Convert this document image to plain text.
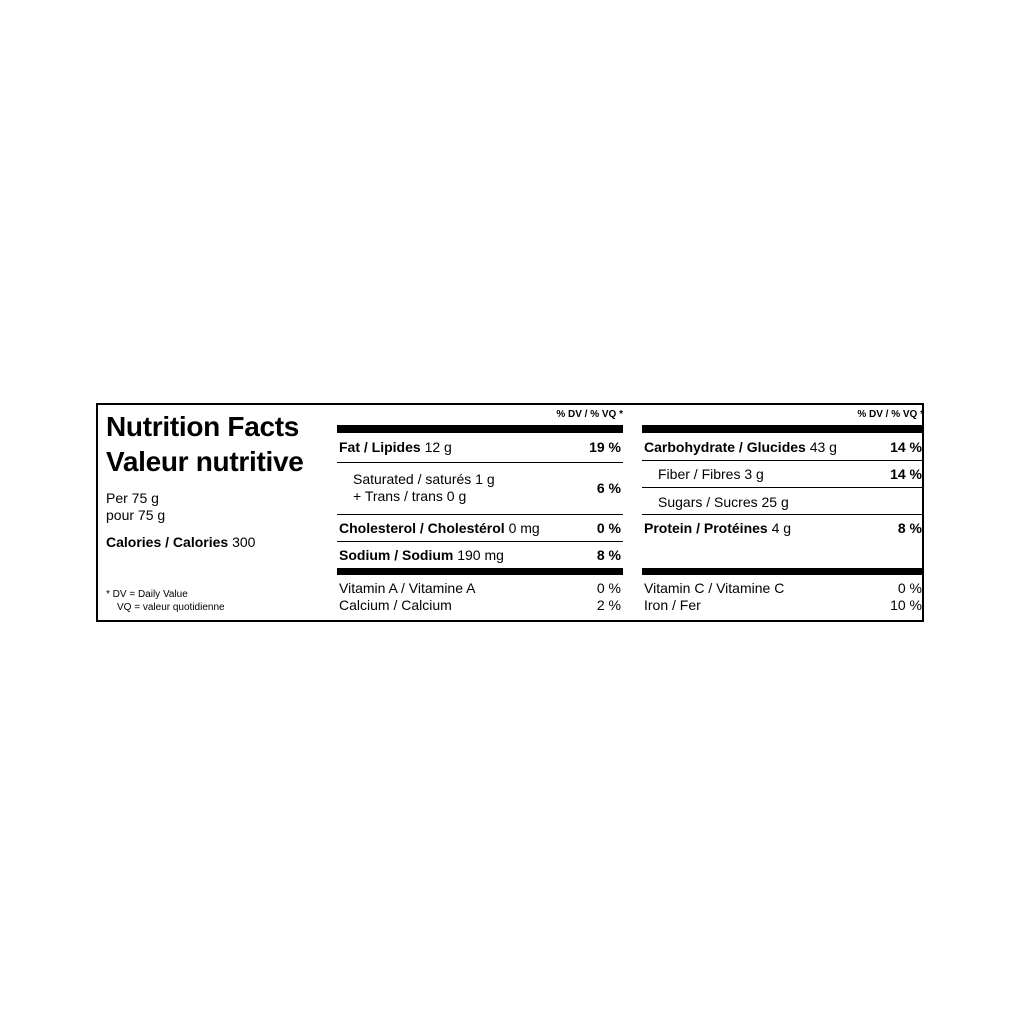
Nutrition Facts
Valeur nutritive
Per 75 g
pour 75 g
Calories / Calories 300
* DV = Daily Value
VQ = valeur quotidienne
% DV / % VQ *
Fat / Lipides 12 g	19 %
Saturated / saturés 1 g
+ Trans / trans 0 g	6 %
Cholesterol / Cholestérol 0 mg	0 %
Sodium / Sodium 190 mg	8 %
Vitamin A / Vitamine A	0 %
Calcium / Calcium	2 %
% DV / % VQ *
Carbohydrate / Glucides 43 g	14 %
Fiber / Fibres 3 g	14 %
Sugars / Sucres 25 g
Protein / Protéines 4 g	8 %
Vitamin C / Vitamine C	0 %
Iron / Fer	10 %
